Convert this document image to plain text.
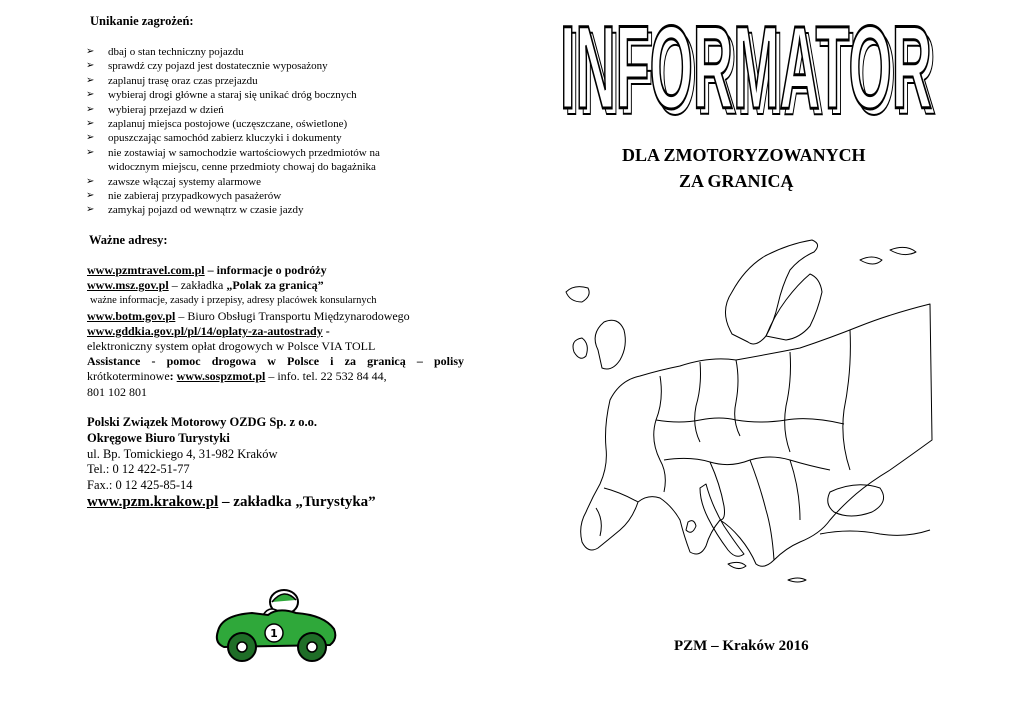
Unikanie zagrożeń:
➢ dbaj o stan techniczny pojazdu
➢ sprawdź czy pojazd jest dostatecznie wyposażony
➢ zaplanuj trasę oraz czas przejazdu
➢ wybieraj drogi główne a staraj się unikać dróg bocznych
➢ wybieraj przejazd w dzień
➢ zaplanuj miejsca postojowe (uczęszczane, oświetlone)
➢ opuszczając samochód zabierz kluczyki i dokumenty
➢ nie zostawiaj w samochodzie wartościowych przedmiotów na widocznym miejscu, cenne przedmioty chowaj do bagażnika
➢ zawsze włączaj systemy alarmowe
➢ nie zabieraj przypadkowych pasażerów
➢ zamykaj pojazd od wewnątrz w czasie jazdy
Ważne adresy:
www.pzmtravel.com.pl – informacje o podróży
www.msz.gov.pl – zakładka „Polak za granicą”
ważne informacje, zasady i przepisy, adresy placówek konsularnych
www.botm.gov.pl – Biuro Obsługi Transportu Międzynarodowego
www.gddkia.gov.pl/pl/14/oplaty-za-autostrady -
elektroniczny system opłat drogowych w Polsce VIA TOLL
Assistance - pomoc drogowa w Polsce i za granicą – polisy
krótkoterminowe: www.sospzmot.pl – info. tel. 22 532 84 44,
801 102 801
Polski Związek Motorowy OZDG Sp. z o.o.
Okręgowe Biuro Turystyki
ul. Bp. Tomickiego 4, 31-982 Kraków
Tel.: 0 12 422-51-77
Fax.: 0 12 425-85-14
www.pzm.krakow.pl – zakładka „Turystyka”
1
INFORMATOR
INFORMATOR
DLA ZMOTORYZOWANYCH
ZA GRANICĄ
PZM – Kraków 2016
